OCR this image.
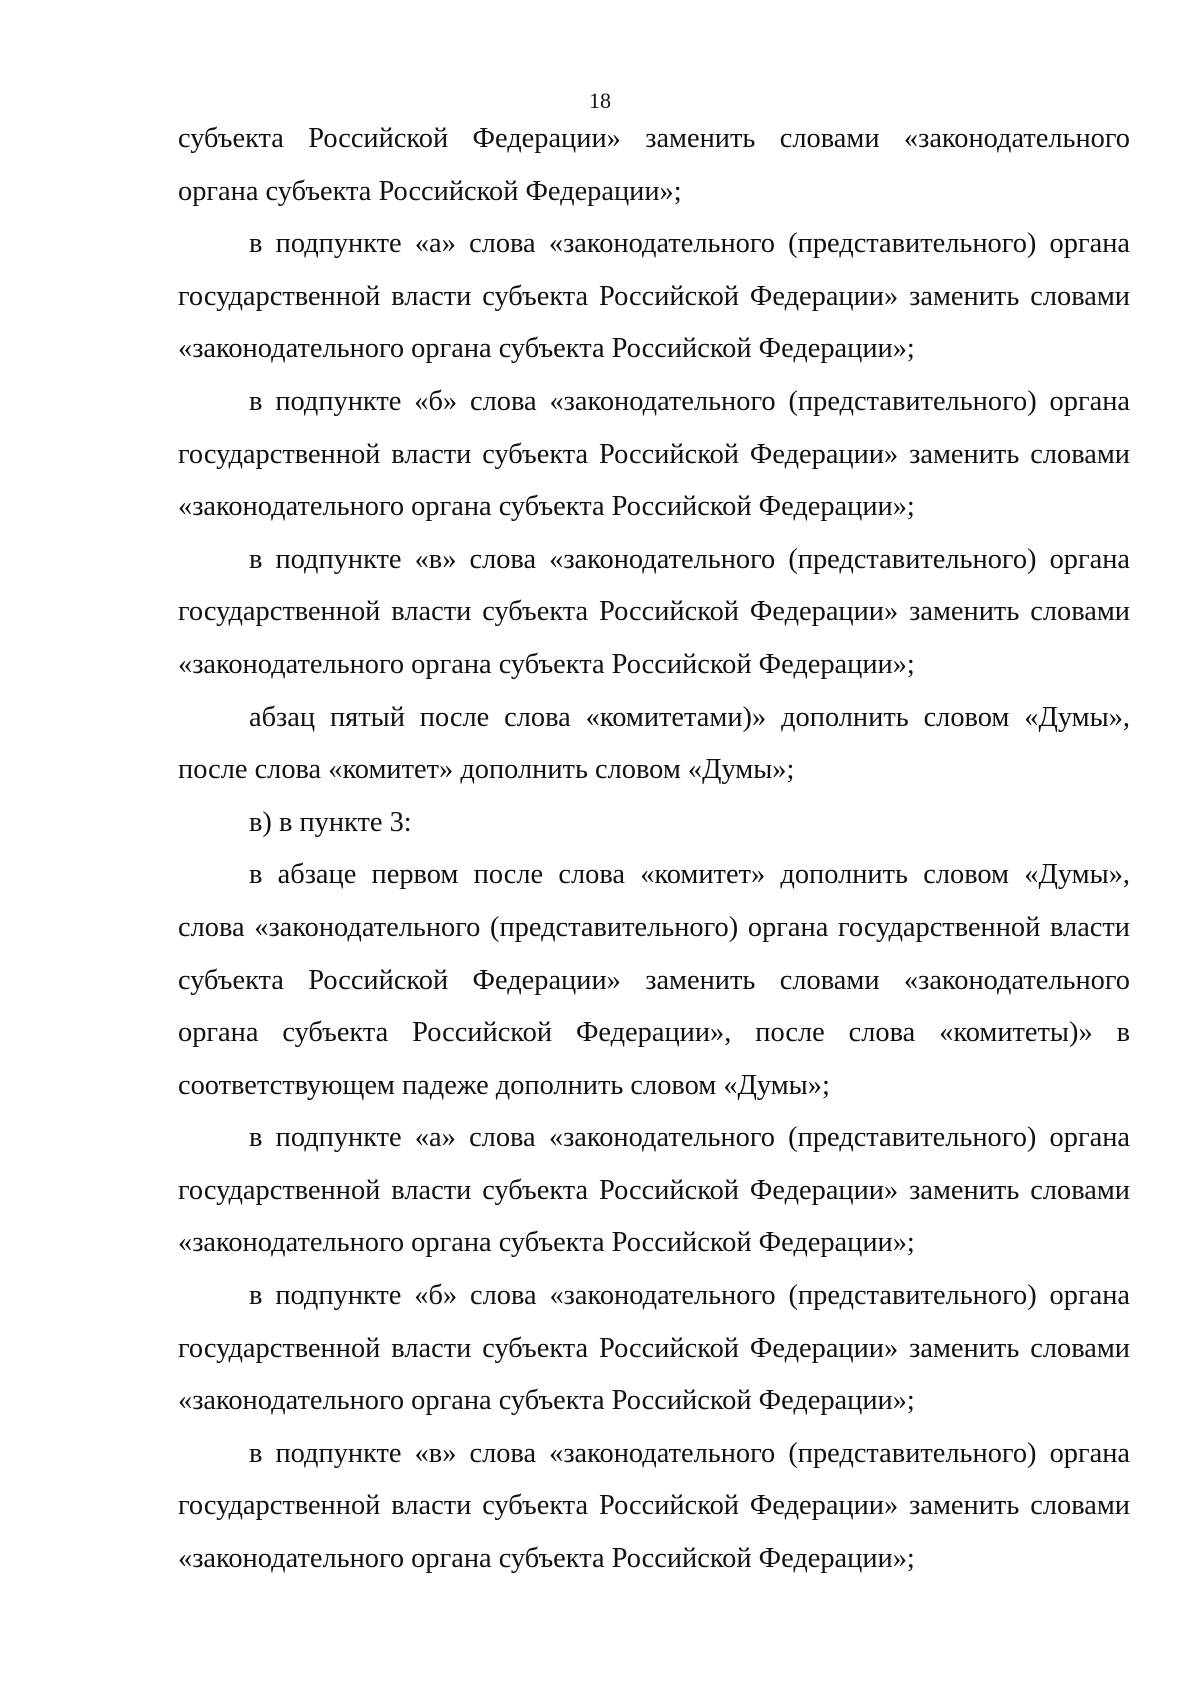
18

субъекта Российской Федерации» заменить словами «законодательного органа субъекта Российской Федерации»;

в подпункте «а» слова «законодательного (представительного) органа государственной власти субъекта Российской Федерации» заменить словами «законодательного органа субъекта Российской Федерации»;

в подпункте «б» слова «законодательного (представительного) органа государственной власти субъекта Российской Федерации» заменить словами «законодательного органа субъекта Российской Федерации»;

в подпункте «в» слова «законодательного (представительного) органа государственной власти субъекта Российской Федерации» заменить словами «законодательного органа субъекта Российской Федерации»;

абзац пятый после слова «комитетами)» дополнить словом «Думы», после слова «комитет» дополнить словом «Думы»;

в) в пункте 3:

в абзаце первом после слова «комитет» дополнить словом «Думы», слова «законодательного (представительного) органа государственной власти субъекта Российской Федерации» заменить словами «законодательного органа субъекта Российской Федерации», после слова «комитеты)» в соответствующем падеже дополнить словом «Думы»;

в подпункте «а» слова «законодательного (представительного) органа государственной власти субъекта Российской Федерации» заменить словами «законодательного органа субъекта Российской Федерации»;

в подпункте «б» слова «законодательного (представительного) органа государственной власти субъекта Российской Федерации» заменить словами «законодательного органа субъекта Российской Федерации»;

в подпункте «в» слова «законодательного (представительного) органа государственной власти субъекта Российской Федерации» заменить словами «законодательного органа субъекта Российской Федерации»;
